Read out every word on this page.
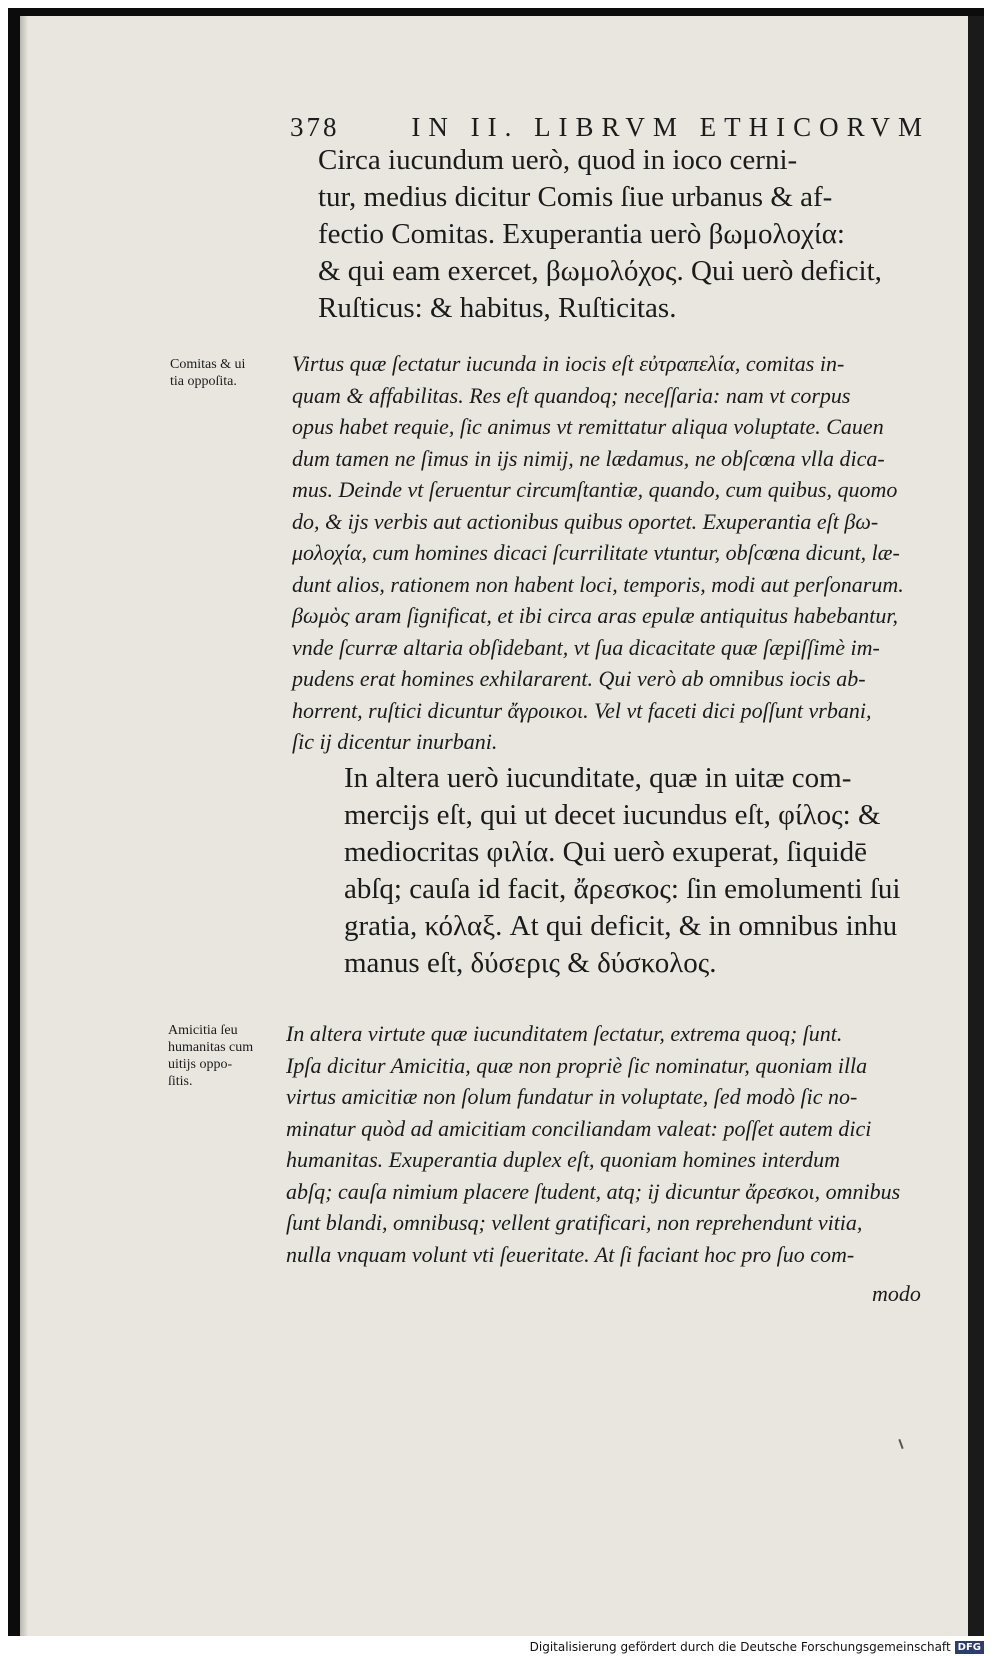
378	IN II. LIBRVM ETHICORVM

Circa iucundum uerò, quod in ioco cerni-
tur, medius dicitur Comis ſiue urbanus & af-
fectio Comitas. Exuperantia uerò βωμολοχία:
& qui eam exercet, βωμολόχος. Qui uerò deficit,
Ruſticus: & habitus, Ruſticitas.

Comitas & ui
tia oppoſita.

Virtus quæ ſectatur iucunda in iocis eſt εὐτραπελία, comitas in-
quam & affabilitas. Res eſt quandoq; neceſſaria: nam vt corpus
opus habet requie, ſic animus vt remittatur aliqua voluptate. Cauen
dum tamen ne ſimus in ijs nimij, ne lædamus, ne obſcœna vlla dica-
mus. Deinde vt ſeruentur circumſtantiæ, quando, cum quibus, quomo
do, & ijs verbis aut actionibus quibus oportet. Exuperantia eſt βω-
μολοχία, cum homines dicaci ſcurrilitate vtuntur, obſcœna dicunt, læ-
dunt alios, rationem non habent loci, temporis, modi aut perſonarum.
βωμὸς aram ſignificat, et ibi circa aras epulæ antiquitus habebantur,
vnde ſcurræ altaria obſidebant, vt ſua dicacitate quæ ſæpiſſimè im-
pudens erat homines exhilararent. Qui verò ab omnibus iocis ab-
horrent, ruſtici dicuntur ἄγροικοι. Vel vt faceti dici poſſunt vrbani,
ſic ij dicentur inurbani.

In altera uerò iucunditate, quæ in uitæ com-
mercijs eſt, qui ut decet iucundus eſt, φίλος: &
mediocritas φιλία. Qui uerò exuperat, ſiquidē
abſq; cauſa id facit, ἄρεσκος: ſin emolumenti ſui
gratia, κόλαξ. At qui deficit, & in omnibus inhu
manus eſt, δύσερις & δύσκολος.

Amicitia ſeu
humanitas cum
uitijs oppo-
ſitis.

In altera virtute quæ iucunditatem ſectatur, extrema quoq; ſunt.
Ipſa dicitur Amicitia, quæ non propriè ſic nominatur, quoniam illa
virtus amicitiæ non ſolum fundatur in voluptate, ſed modò ſic no-
minatur quòd ad amicitiam conciliandam valeat: poſſet autem dici
humanitas. Exuperantia duplex eſt, quoniam homines interdum
abſq; cauſa nimium placere ſtudent, atq; ij dicuntur ἄρεσκοι, omnibus
ſunt blandi, omnibusq; vellent gratificari, non reprehendunt vitia,
nulla vnquam volunt vti ſeueritate. At ſi faciant hoc pro ſuo com-

modo
Digitalisierung gefördert durch die Deutsche Forschungsgemeinschaft DFG
